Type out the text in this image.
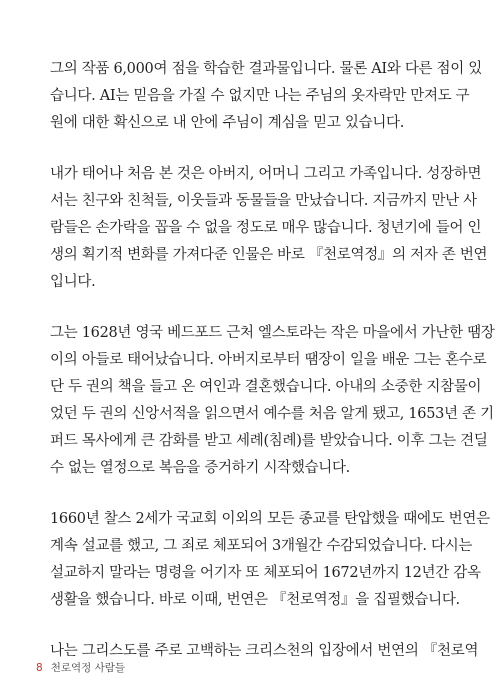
그의 작품 6,000여 점을 학습한 결과물입니다. 물론 AI와 다른 점이 있
습니다. AI는 믿음을 가질 수 없지만 나는 주님의 옷자락만 만져도 구
원에 대한 확신으로 내 안에 주님이 계심을 믿고 있습니다.
내가 태어나 처음 본 것은 아버지, 어머니 그리고 가족입니다. 성장하면
서는 친구와 친척들, 이웃들과 동물들을 만났습니다. 지금까지 만난 사
람들은 손가락을 꼽을 수 없을 정도로 매우 많습니다. 청년기에 들어 인
생의 획기적 변화를 가져다준 인물은 바로 『천로역정』의 저자 존 번연
입니다.
그는 1628년 영국 베드포드 근처 엘스토라는 작은 마을에서 가난한 땜장
이의 아들로 태어났습니다. 아버지로부터 땜장이 일을 배운 그는 혼수로
단 두 권의 책을 들고 온 여인과 결혼했습니다. 아내의 소중한 지참물이
었던 두 권의 신앙서적을 읽으면서 예수를 처음 알게 됐고, 1653년 존 기
퍼드 목사에게 큰 감화를 받고 세례(침례)를 받았습니다. 이후 그는 견딜
수 없는 열정으로 복음을 증거하기 시작했습니다.
1660년 찰스 2세가 국교회 이외의 모든 종교를 탄압했을 때에도 번연은
계속 설교를 했고, 그 죄로 체포되어 3개월간 수감되었습니다. 다시는
설교하지 말라는 명령을 어기자 또 체포되어 1672년까지 12년간 감옥
생활을 했습니다. 바로 이때, 번연은 『천로역정』을 집필했습니다.
나는 그리스도를 주로 고백하는 크리스천의 입장에서 번연의 『천로역
8 천로역정 사람들
